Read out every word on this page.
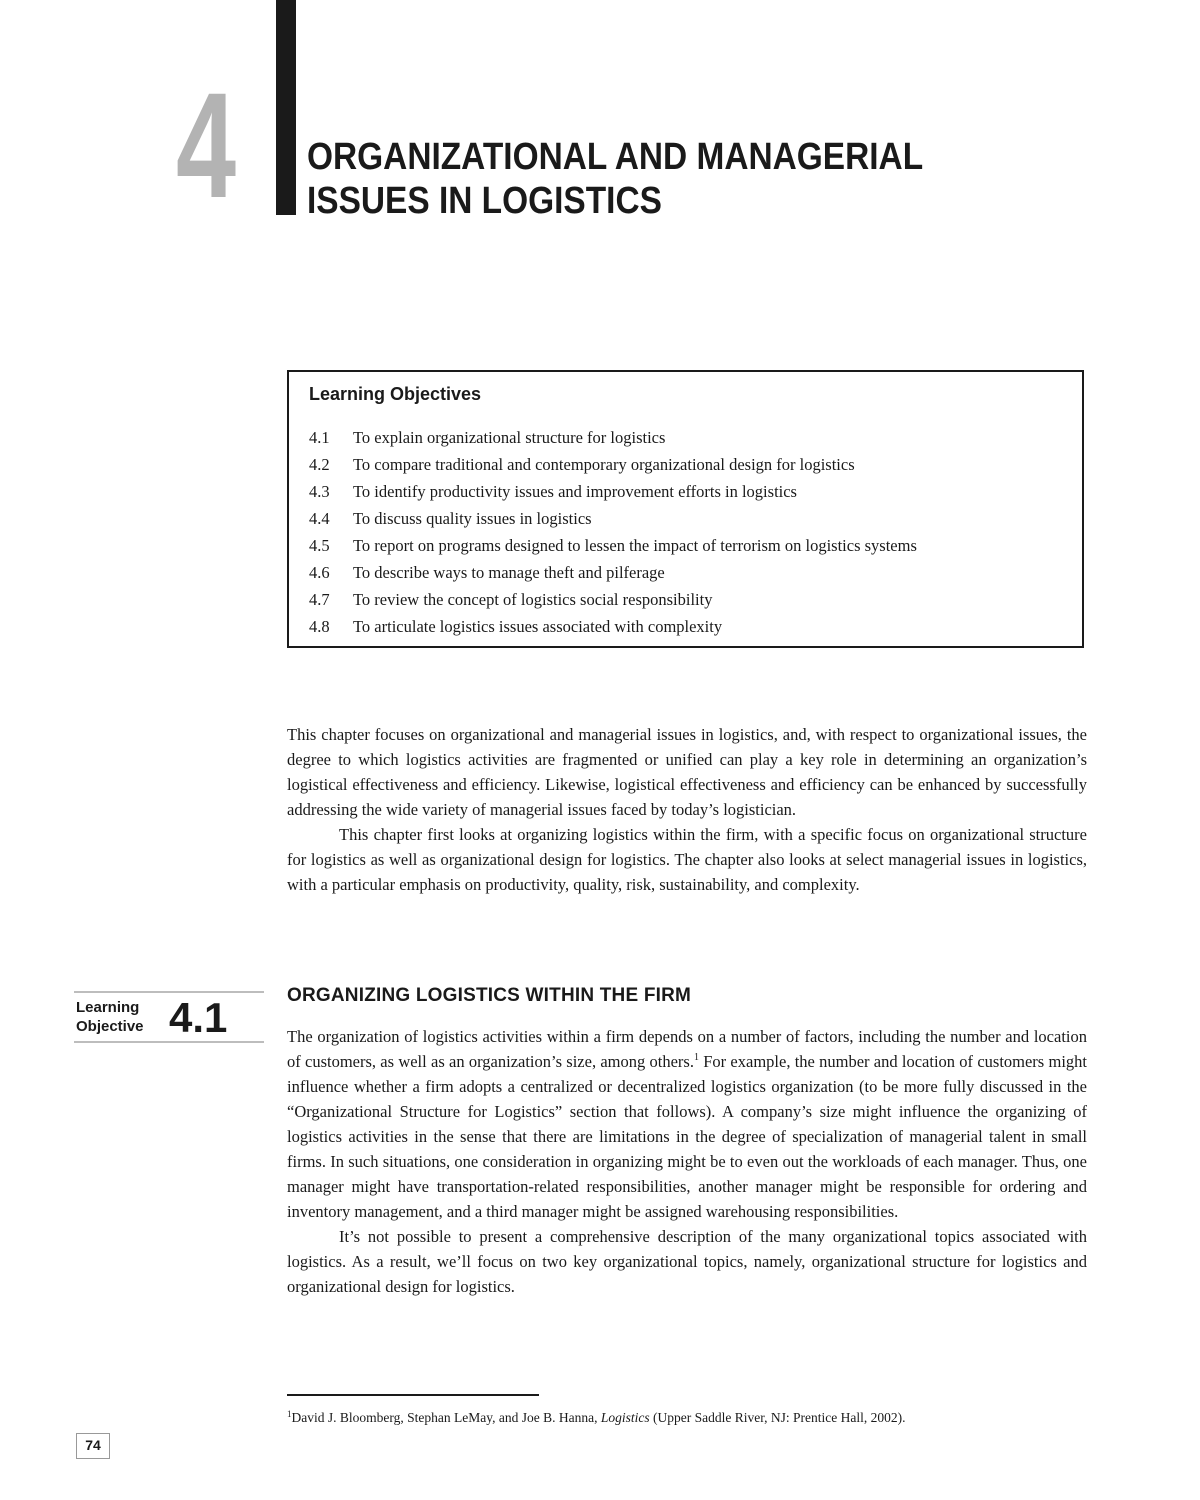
4 ORGANIZATIONAL AND MANAGERIAL
ISSUES IN LOGISTICS
Learning Objectives
4.1 To explain organizational structure for logistics
4.2 To compare traditional and contemporary organizational design for logistics
4.3 To identify productivity issues and improvement efforts in logistics
4.4 To discuss quality issues in logistics
4.5 To report on programs designed to lessen the impact of terrorism on logistics systems
4.6 To describe ways to manage theft and pilferage
4.7 To review the concept of logistics social responsibility
4.8 To articulate logistics issues associated with complexity

This chapter focuses on organizational and managerial issues in logistics, and, with respect to organizational issues, the degree to which logistics activities are fragmented or unified can play a key role in determining an organization’s logistical effectiveness and efficiency. Likewise, logistical effectiveness and efficiency can be enhanced by successfully addressing the wide variety of managerial issues faced by today’s logistician.

This chapter first looks at organizing logistics within the firm, with a specific focus on organizational structure for logistics as well as organizational design for logistics. The chapter also looks at select managerial issues in logistics, with a particular emphasis on productivity, quality, risk, sustainability, and complexity.

Learning
Objective 4.1	ORGANIZING LOGISTICS WITHIN THE FIRM

The organization of logistics activities within a firm depends on a number of factors, including the number and location of customers, as well as an organization’s size, among others.$^1$ For example, the number and location of customers might influence whether a firm adopts a centralized or decentralized logistics organization (to be more fully discussed in the “Organizational Structure for Logistics” section that follows). A company’s size might influence the organizing of logistics activities in the sense that there are limitations in the degree of specialization of managerial talent in small firms. In such situations, one consideration in organizing might be to even out the workloads of each manager. Thus, one manager might have transportation-related responsibilities, another manager might be responsible for ordering and inventory management, and a third manager might be assigned warehousing responsibilities.

It’s not possible to present a comprehensive description of the many organizational topics associated with logistics. As a result, we’ll focus on two key organizational topics, namely, organizational structure for logistics and organizational design for logistics.

$^1$David J. Bloomberg, Stephan LeMay, and Joe B. Hanna, Logistics (Upper Saddle River, NJ: Prentice Hall, 2002).
74
